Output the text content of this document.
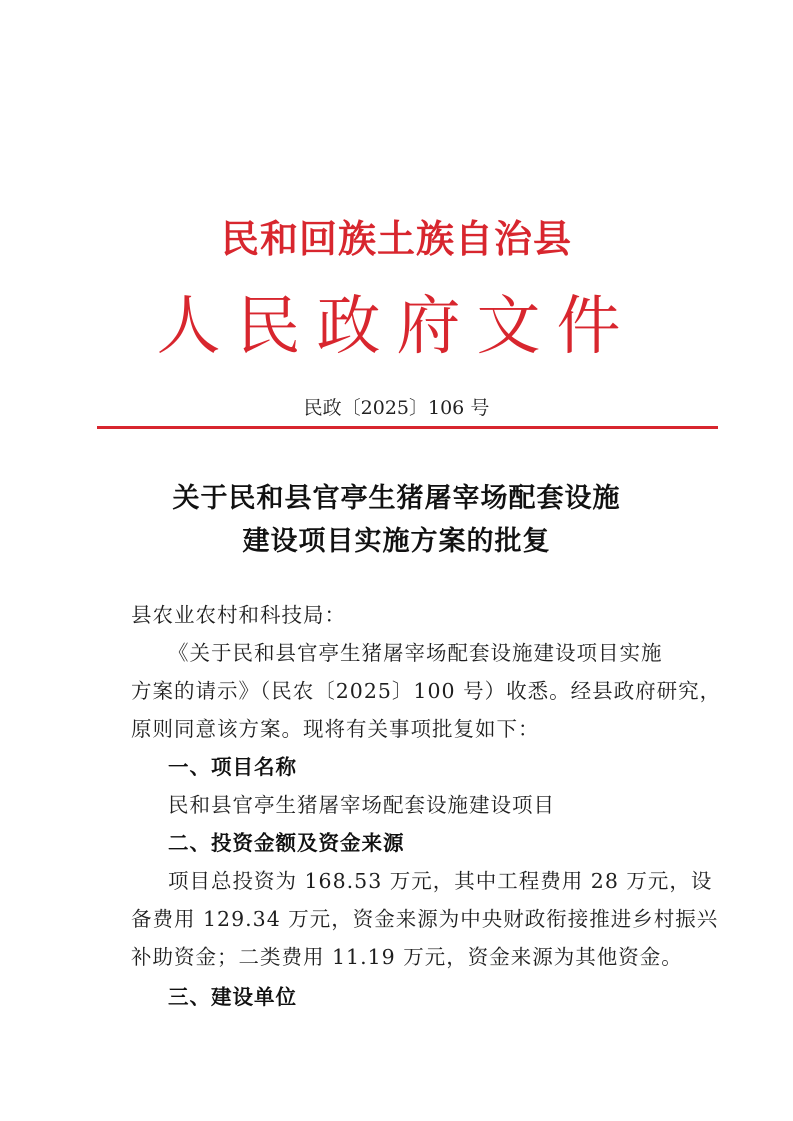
民和回族土族自治县
人民政府文件
民政〔2025〕106 号
关于民和县官亭生猪屠宰场配套设施
建设项目实施方案的批复
县农业农村和科技局：
《关于民和县官亭生猪屠宰场配套设施建设项目实施
方案的请示》（民农〔2025〕100 号）收悉。经县政府研究，
原则同意该方案。现将有关事项批复如下：
一、项目名称
民和县官亭生猪屠宰场配套设施建设项目
二、投资金额及资金来源
项目总投资为 168.53 万元，其中工程费用 28 万元，设
备费用 129.34 万元，资金来源为中央财政衔接推进乡村振兴
补助资金；二类费用 11.19 万元，资金来源为其他资金。
三、建设单位
